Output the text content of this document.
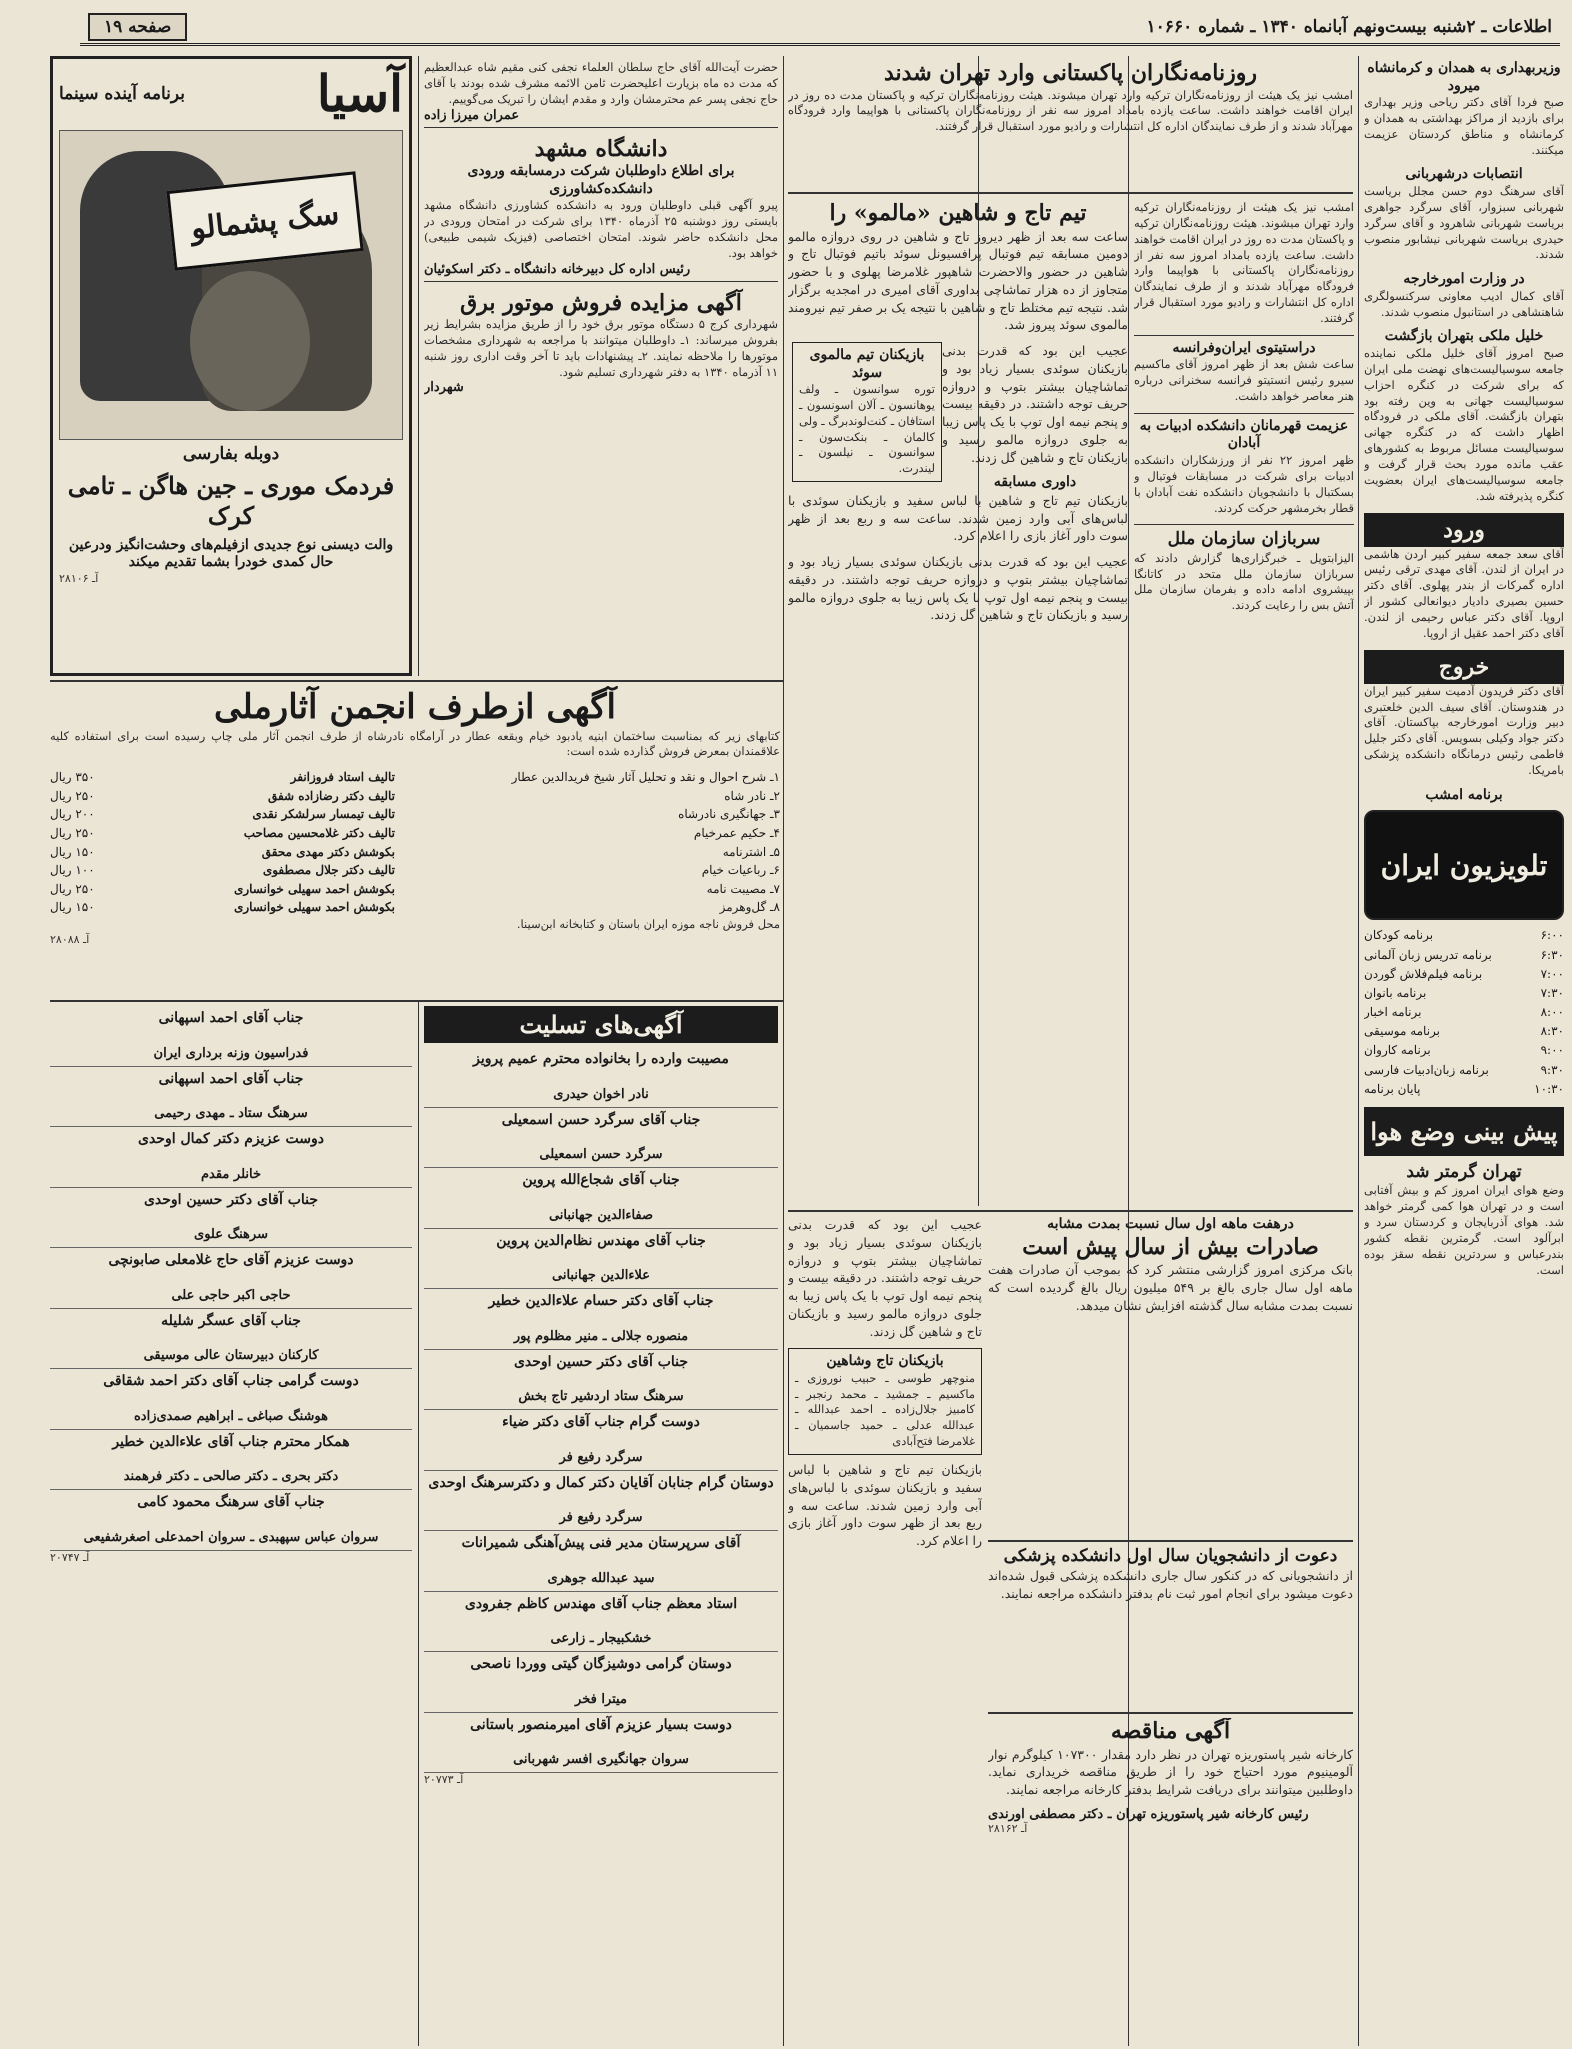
اطلاعات ـ ۲شنبه بیست‌ونهم آبانماه ۱۳۴۰ ـ شماره ۱۰۶۶۰
صفحه ۱۹
وزیربهداری به همدان و کرمانشاه میرود
صبح فردا آقای دکتر ریاحی وزیر بهداری برای بازدید از مراکز بهداشتی به همدان و کرمانشاه و مناطق کردستان عزیمت میکنند.
انتصابات درشهربانی
آقای سرهنگ دوم حسن مجلل بریاست شهربانی سبزوار، آقای سرگرد جواهری بریاست شهربانی شاهرود و آقای سرگرد حیدری بریاست شهربانی نیشابور منصوب شدند.
در وزارت امورخارجه
آقای کمال ادیب معاونی سرکنسولگری شاهنشاهی در استانبول منصوب شدند.
خلیل ملکی بتهران بازگشت
صبح امروز آقای خلیل ملکی نماینده جامعه سوسیالیست‌های نهضت ملی ایران که برای شرکت در کنگره احزاب سوسیالیست جهانی به وین رفته بود بتهران بازگشت. آقای ملکی در فرودگاه اظهار داشت که در کنگره جهانی سوسیالیست مسائل مربوط به کشورهای عقب مانده مورد بحث قرار گرفت و جامعه سوسیالیست‌های ایران بعضویت کنگره پذیرفته شد.
ورود
آقای سعد جمعه سفیر کبیر اردن هاشمی در ایران از لندن. آقای مهدی ترقی رئیس اداره گمرکات از بندر پهلوی. آقای دکتر حسین بصیری دادیار دیوانعالی کشور از اروپا. آقای دکتر عباس رحیمی از لندن. آقای دکتر احمد عقیل از اروپا.
خروج
آقای دکتر فریدون آدمیت سفیر کبیر ایران در هندوستان. آقای سیف الدین خلعتبری دبیر وزارت امورخارجه بپاکستان. آقای دکتر جواد وکیلی بسویس. آقای دکتر جلیل فاطمی رئیس درمانگاه دانشکده پزشکی بامریکا.
برنامه امشب
تلویزیون ایران
۶:۰۰
برنامه کودکان
۶:۳۰
برنامه تدریس زبان آلمانی
۷:۰۰
برنامه فیلم‌فلاش گوردن
۷:۳۰
برنامه بانوان
۸:۰۰
برنامه اخبار
۸:۳۰
برنامه موسیقی
۹:۰۰
برنامه کاروان
۹:۳۰
برنامه زبان‌ادبیات فارسی
۱۰:۳۰
پایان برنامه
پیش بینی وضع هوا
تهران گرمتر شد
وضع هوای ایران امروز کم و بیش آفتابی است و در تهران هوا کمی گرمتر خواهد شد. هوای آذربایجان و کردستان سرد و ابرآلود است. گرمترین نقطه کشور بندرعباس و سردترین نقطه سقز بوده است.
روزنامه‌نگاران پاکستانی وارد تهران شدند
امشب نیز یک هیئت از روزنامه‌نگاران ترکیه وارد تهران میشوند. هیئت روزنامه‌نگاران ترکیه و پاکستان مدت ده روز در ایران اقامت خواهند داشت. ساعت یازده بامداد امروز سه نفر از روزنامه‌نگاران پاکستانی با هواپیما وارد فرودگاه مهرآباد شدند و از طرف نمایندگان اداره کل انتشارات و رادیو مورد استقبال قرار گرفتند.
امشب نیز یک هیئت از روزنامه‌نگاران ترکیه وارد تهران میشوند. هیئت روزنامه‌نگاران ترکیه و پاکستان مدت ده روز در ایران اقامت خواهند داشت. ساعت یازده بامداد امروز سه نفر از روزنامه‌نگاران پاکستانی با هواپیما وارد فرودگاه مهرآباد شدند و از طرف نمایندگان اداره کل انتشارات و رادیو مورد استقبال قرار گرفتند.
دراستیتوی ایران‌وفرانسه
ساعت شش بعد از ظهر امروز آقای ماکسیم سیرو رئیس انستیتو فرانسه سخنرانی درباره هنر معاصر خواهد داشت.
عزیمت قهرمانان دانشکده ادبیات به آبادان
ظهر امروز ۲۲ نفر از ورزشکاران دانشکده ادبیات برای شرکت در مسابقات فوتبال و بسکتبال با دانشجویان دانشکده نفت آبادان با قطار بخرمشهر حرکت کردند.
سربازان سازمان ملل
الیزابتویل ـ خبرگزاری‌ها گزارش دادند که سربازان سازمان ملل متحد در کاتانگا بپیشروی ادامه داده و بفرمان سازمان ملل آتش بس را رعایت کردند.
تیم تاج و شاهین «مالمو» را
ساعت سه بعد از ظهر دیروز تاج و شاهین در روی دروازه مالمو دومین مسابقه تیم فوتبال پرافسیونل سوئد باتیم فوتبال تاج و شاهین در حضور والاحضرت شاهپور غلامرضا پهلوی و با حضور متجاوز از ده هزار تماشاچی بداوری آقای امیری در امجدیه برگزار شد. نتیجه تیم مختلط تاج و شاهین با نتیجه یک بر صفر تیم نیرومند مالموی سوئد پیروز شد.
بازیکنان تیم مالموی سوئد
توره سوانسون ـ ولف یوهانسون ـ آلان اسونسون ـ استافان ـ کنت‌لوندبرگ ـ ولی کالمان ـ بنکت‌سون ـ سوانسون ـ نیلسون ـ لیندرت.
عجیب این بود که قدرت بدنی بازیکنان سوئدی بسیار زیاد بود و تماشاچیان بیشتر بتوپ و دروازه حریف توجه داشتند. در دقیقه بیست و پنجم نیمه اول توپ با یک پاس زیبا به جلوی دروازه مالمو رسید و بازیکنان تاج و شاهین گل زدند.
داوری مسابقه
بازیکنان تیم تاج و شاهین با لباس سفید و بازیکنان سوئدی با لباس‌های آبی وارد زمین شدند. ساعت سه و ربع بعد از ظهر سوت داور آغاز بازی را اعلام کرد.
عجیب این بود که قدرت بدنی بازیکنان سوئدی بسیار زیاد بود و تماشاچیان بیشتر بتوپ و دروازه حریف توجه داشتند. در دقیقه بیست و پنجم نیمه اول توپ با یک پاس زیبا به جلوی دروازه مالمو رسید و بازیکنان تاج و شاهین گل زدند.
درهفت ماهه اول سال نسبت بمدت مشابه
صادرات بیش از سال پیش است
بانک مرکزی امروز گزارشی منتشر کرد که بموجب آن صادرات هفت ماهه اول سال جاری بالغ بر ۵۴۹ میلیون ریال بالغ گردیده است که نسبت بمدت مشابه سال گذشته افزایش نشان میدهد.
دعوت از دانشجویان سال اول دانشکده پزشکی
از دانشجویانی که در کنکور سال جاری دانشکده پزشکی قبول شده‌اند دعوت میشود برای انجام امور ثبت نام بدفتر دانشکده مراجعه نمایند.
آگهی مناقصه
کارخانه شیر پاستوریزه تهران در نظر دارد مقدار ۱۰۷۳۰۰ کیلوگرم نوار آلومینیوم مورد احتیاج خود را از طریق مناقصه خریداری نماید. داوطلبین میتوانند برای دریافت شرایط بدفتر کارخانه مراجعه نمایند.
رئیس کارخانه شیر پاستوریزه تهران ـ دکتر مصطفی اورندی
آـ ۲۸۱۶۲
عجیب این بود که قدرت بدنی بازیکنان سوئدی بسیار زیاد بود و تماشاچیان بیشتر بتوپ و دروازه حریف توجه داشتند. در دقیقه بیست و پنجم نیمه اول توپ با یک پاس زیبا به جلوی دروازه مالمو رسید و بازیکنان تاج و شاهین گل زدند.
بازیکنان تاج وشاهین
منوچهر طوسی ـ حبیب نوروزی ـ ماکسیم ـ جمشید ـ محمد رنجبر ـ کامبیز جلال‌زاده ـ احمد عبدالله ـ عبدالله عدلی ـ حمید جاسمیان ـ غلامرضا فتح‌آبادی
بازیکنان تیم تاج و شاهین با لباس سفید و بازیکنان سوئدی با لباس‌های آبی وارد زمین شدند. ساعت سه و ربع بعد از ظهر سوت داور آغاز بازی را اعلام کرد.
حضرت آیت‌الله آقای حاج سلطان العلماء نجفی کنی مقیم شاه عبدالعظیم که مدت ده ماه بزیارت اعلیحضرت ثامن الائمه مشرف شده بودند با آقای حاج نجفی پسر عم محترمشان وارد و مقدم ایشان را تبریک می‌گوییم.
عمران میرزا زاده
دانشگاه مشهد
برای اطلاع داوطلبان شرکت درمسابقه ورودی دانشکده‌کشاورزی
پیرو آگهی قبلی داوطلبان ورود به دانشکده کشاورزی دانشگاه مشهد بایستی روز دوشنبه ۲۵ آذرماه ۱۳۴۰ برای شرکت در امتحان ورودی در محل دانشکده حاضر شوند. امتحان اختصاصی (فیزیک شیمی طبیعی) خواهد بود.
رئیس اداره کل دبیرخانه دانشگاه ـ دکتر اسکوئیان
آگهی مزایده فروش موتور برق
شهرداری کرج ۵ دستگاه موتور برق خود را از طریق مزایده بشرایط زیر بفروش میرساند: ۱ـ داوطلبان میتوانند با مراجعه به شهرداری مشخصات موتورها را ملاحظه نمایند. ۲ـ پیشنهادات باید تا آخر وقت اداری روز شنبه ۱۱ آذرماه ۱۳۴۰ به دفتر شهرداری تسلیم شود.
شهردار
آسیا
برنامه آینده سینما
سگ پشمالو
دوبله بفارسی
فردمک موری ـ جین هاگن ـ تامی کرک
والت دیسنی نوع جدیدی ازفیلم‌های وحشت‌انگیز ودرعین حال کمدی خودرا بشما تقدیم میکند
آـ ۲۸۱۰۶
آگهی ازطرف انجمن آثارملی
کتابهای زیر که بمناسبت ساختمان ابنیه یادبود خیام وبقعه عطار در آرامگاه نادرشاه از طرف انجمن آثار ملی چاپ رسیده است برای استفاده کلیه علاقمندان بمعرض فروش گذارده شده است:
۱ـ شرح احوال و نقد و تحلیل آثار شیخ فریدالدین عطار
تالیف استاد فروزانفر
۳۵۰ ریال
۲ـ نادر شاه
تالیف دکتر رضازاده شفق
۲۵۰ ریال
۳ـ جهانگیری نادرشاه
تالیف تیمسار سرلشکر نقدی
۲۰۰ ریال
۴ـ حکیم عمرخیام
تالیف دکتر غلامحسین مصاحب
۲۵۰ ریال
۵ـ اشترنامه
بکوشش دکتر مهدی محقق
۱۵۰ ریال
۶ـ رباعیات خیام
تالیف دکتر جلال مصطفوی
۱۰۰ ریال
۷ـ مصیبت نامه
بکوشش احمد سهیلی خوانساری
۲۵۰ ریال
۸ـ گل‌وهرمز
بکوشش احمد سهیلی خوانساری
۱۵۰ ریال
محل فروش ناجه موزه ایران باستان و کتابخانه ابن‌سینا.
آـ ۲۸۰۸۸
جناب آقای احمد اسپهانی

فدراسیون وزنه برداری ایران
جناب آقای احمد اسپهانی

سرهنگ ستاد ـ مهدی رحیمی
دوست عزیزم دکتر کمال اوحدی

خانلر مقدم
جناب آقای دکتر حسین اوحدی

سرهنگ علوی
دوست عزیزم آقای حاج غلامعلی صابونچی

حاجی اکبر حاجی علی
جناب آقای عسگر شلیله

کارکنان دبیرستان عالی موسیقی
دوست گرامی جناب آقای دکتر احمد شقاقی

هوشنگ صباغی ـ ابراهیم صمدی‌زاده
همکار محترم جناب آقای علاءالدین خطیر

دکتر بحری ـ دکتر صالحی ـ دکتر فرهمند
جناب آقای سرهنگ محمود کامی

سروان عباس سپهبدی ـ سروان احمدعلی اصغرشفیعی
آـ ۲۰۷۴۷
آگهی‌های تسلیت
مصیبت وارده را بخانواده محترم عمیم پرویز

نادر اخوان حیدری
جناب آقای سرگرد حسن اسمعیلی

سرگرد حسن اسمعیلی
جناب آقای شجاع‌الله پروین

صفاءالدین جهانبانی
جناب آقای مهندس نظام‌الدین پروین

علاءالدین جهانبانی
جناب آقای دکتر حسام علاءالدین خطیر

منصوره جلالی ـ منیر مظلوم پور
جناب آقای دکتر حسین اوحدی

سرهنگ ستاد اردشیر تاج بخش
دوست گرام جناب آقای دکتر ضیاء

سرگرد رفیع فر
دوستان گرام جنابان آقایان دکتر کمال و دکترسرهنگ اوحدی

سرگرد رفیع فر
آقای سرپرستان مدیر فنی پیش‌آهنگی شمیرانات

سید عبدالله جوهری
استاد معظم جناب آقای مهندس کاظم جفرودی

خشکبیجار ـ زارعی
دوستان گرامی دوشیزگان گیتی ووردا ناصحی

میترا فخر
دوست بسیار عزیزم آقای امیرمنصور باستانی

سروان جهانگیری افسر شهربانی
آـ ۲۰۷۷۳
